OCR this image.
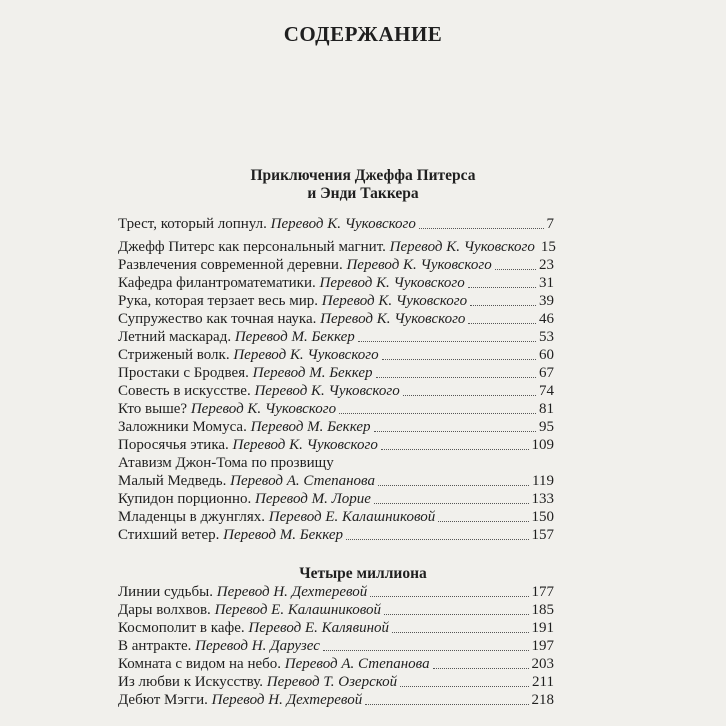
СОДЕРЖАНИЕ
Приключения Джеффа Питерса
и Энди Таккера
Трест, который лопнул. Перевод К. Чуковского	7
Джефф Питерс как персональный магнит. Перевод К. Чуковского 15
Развлечения современной деревни. Перевод К. Чуковского	23
Кафедра филантроматематики. Перевод К. Чуковского	31
Рука, которая терзает весь мир. Перевод К. Чуковского	39
Супружество как точная наука. Перевод К. Чуковского	46
Летний маскарад. Перевод М. Беккер	53
Стриженый волк. Перевод К. Чуковского	60
Простаки с Бродвея. Перевод М. Беккер	67
Совесть в искусстве. Перевод К. Чуковского	74
Кто выше? Перевод К. Чуковского	81
Заложники Момуса. Перевод М. Беккер	95
Поросячья этика. Перевод К. Чуковского	109
Атавизм Джон-Тома по прозвищу
Малый Медведь. Перевод А. Степанова	119
Купидон порционно. Перевод М. Лорие	133
Младенцы в джунглях. Перевод Е. Калашниковой	150
Стихший ветер. Перевод М. Беккер	157
Четыре миллиона
Линии судьбы. Перевод Н. Дехтеревой	177
Дары волхвов. Перевод Е. Калашниковой	185
Космополит в кафе. Перевод Е. Калявиной	191
В антракте. Перевод Н. Дарузес	197
Комната с видом на небо. Перевод А. Степанова	203
Из любви к Искусству. Перевод Т. Озерской	211
Дебют Мэгги. Перевод Н. Дехтеревой	218
